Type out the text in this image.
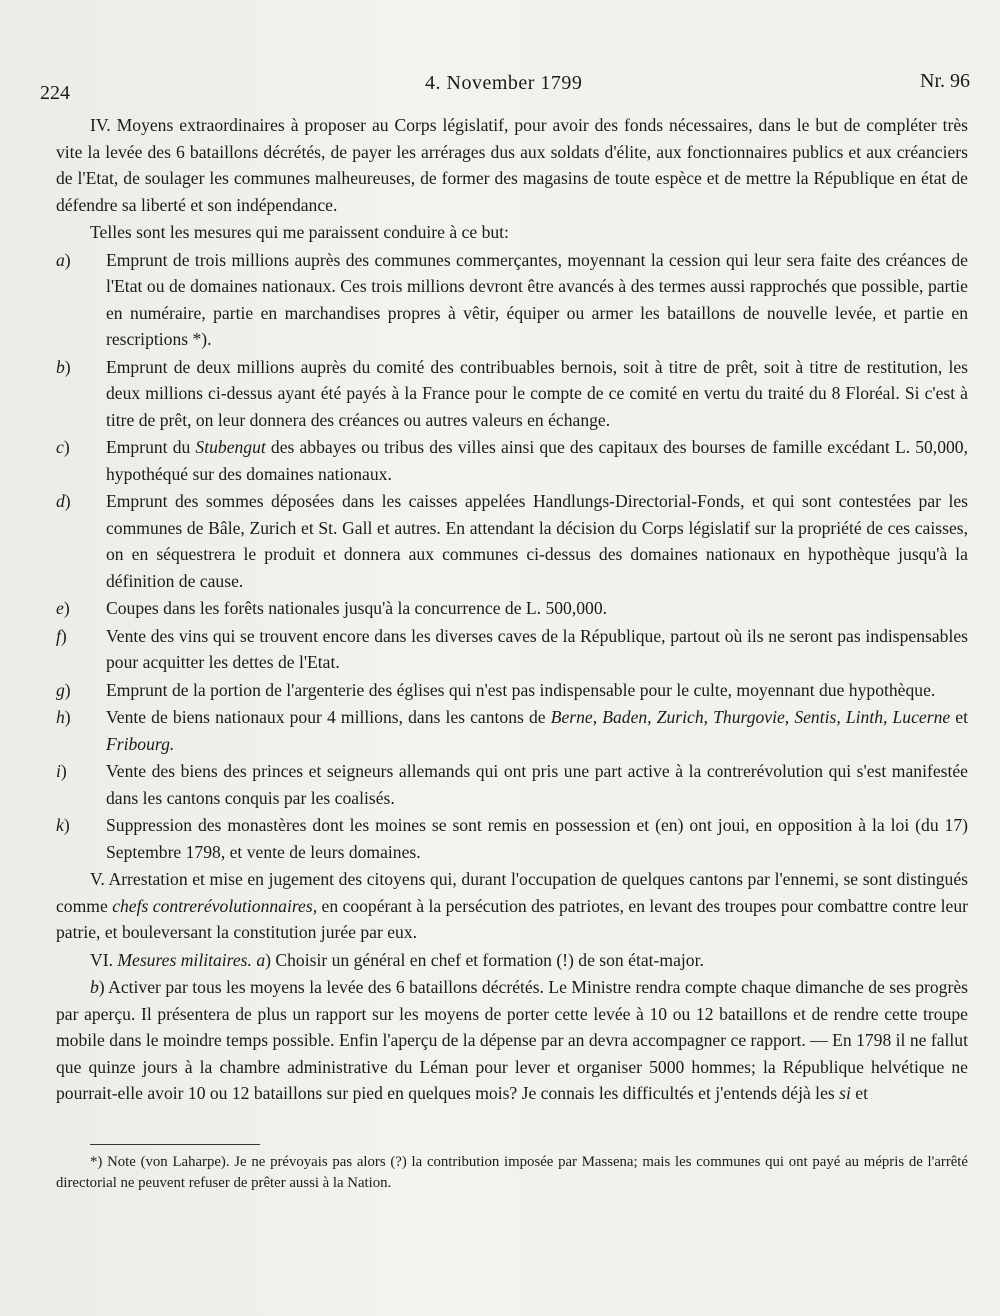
224	4. November 1799	Nr. 96

IV. Moyens extraordinaires à proposer au Corps législatif, pour avoir des fonds nécessaires, dans le but de compléter très vite la levée des 6 bataillons décrétés, de payer les arrérages dus aux soldats d'élite, aux fonctionnaires publics et aux créanciers de l'Etat, de soulager les communes malheureuses, de former des magasins de toute espèce et de mettre la République en état de défendre sa liberté et son indépendance.

Telles sont les mesures qui me paraissent conduire à ce but:

a)	Emprunt de trois millions auprès des communes commerçantes, moyennant la cession qui leur sera faite des créances de l'Etat ou de domaines nationaux. Ces trois millions devront être avancés à des termes aussi rapprochés que possible, partie en numéraire, partie en marchandises propres à vêtir, équiper ou armer les bataillons de nouvelle levée, et partie en rescriptions *).
b)	Emprunt de deux millions auprès du comité des contribuables bernois, soit à titre de prêt, soit à titre de restitution, les deux millions ci-dessus ayant été payés à la France pour le compte de ce comité en vertu du traité du 8 Floréal. Si c'est à titre de prêt, on leur donnera des créances ou autres valeurs en échange.
c)	Emprunt du Stubengut des abbayes ou tribus des villes ainsi que des capitaux des bourses de famille excédant L. 50,000, hypothéqué sur des domaines nationaux.
d)	Emprunt des sommes déposées dans les caisses appelées Handlungs-Directorial-Fonds, et qui sont contestées par les communes de Bâle, Zurich et St. Gall et autres. En attendant la décision du Corps législatif sur la propriété de ces caisses, on en séquestrera le produit et donnera aux communes ci-dessus des domaines nationaux en hypothèque jusqu'à la définition de cause.
e)	Coupes dans les forêts nationales jusqu'à la concurrence de L. 500,000.
f)	Vente des vins qui se trouvent encore dans les diverses caves de la République, partout où ils ne seront pas indispensables pour acquitter les dettes de l'Etat.
g)	Emprunt de la portion de l'argenterie des églises qui n'est pas indispensable pour le culte, moyennant due hypothèque.
h)	Vente de biens nationaux pour 4 millions, dans les cantons de Berne, Baden, Zurich, Thurgovie, Sentis, Linth, Lucerne et Fribourg.
i)	Vente des biens des princes et seigneurs allemands qui ont pris une part active à la contrerévolution qui s'est manifestée dans les cantons conquis par les coalisés.
k)	Suppression des monastères dont les moines se sont remis en possession et (en) ont joui, en opposition à la loi (du 17) Septembre 1798, et vente de leurs domaines.

V. Arrestation et mise en jugement des citoyens qui, durant l'occupation de quelques cantons par l'ennemi, se sont distingués comme chefs contrerévolutionnaires, en coopérant à la persécution des patriotes, en levant des troupes pour combattre contre leur patrie, et bouleversant la constitution jurée par eux.

VI. Mesures militaires. a) Choisir un général en chef et formation (!) de son état-major.

b) Activer par tous les moyens la levée des 6 bataillons décrétés. Le Ministre rendra compte chaque dimanche de ses progrès par aperçu. Il présentera de plus un rapport sur les moyens de porter cette levée à 10 ou 12 bataillons et de rendre cette troupe mobile dans le moindre temps possible. Enfin l'aperçu de la dépense par an devra accompagner ce rapport. — En 1798 il ne fallut que quinze jours à la chambre administrative du Léman pour lever et organiser 5000 hommes; la République helvétique ne pourrait-elle avoir 10 ou 12 bataillons sur pied en quelques mois? Je connais les difficultés et j'entends déjà les si et

*) Note (von Laharpe). Je ne prévoyais pas alors (?) la contribution imposée par Massena; mais les communes qui ont payé au mépris de l'arrêté directorial ne peuvent refuser de prêter aussi à la Nation.
